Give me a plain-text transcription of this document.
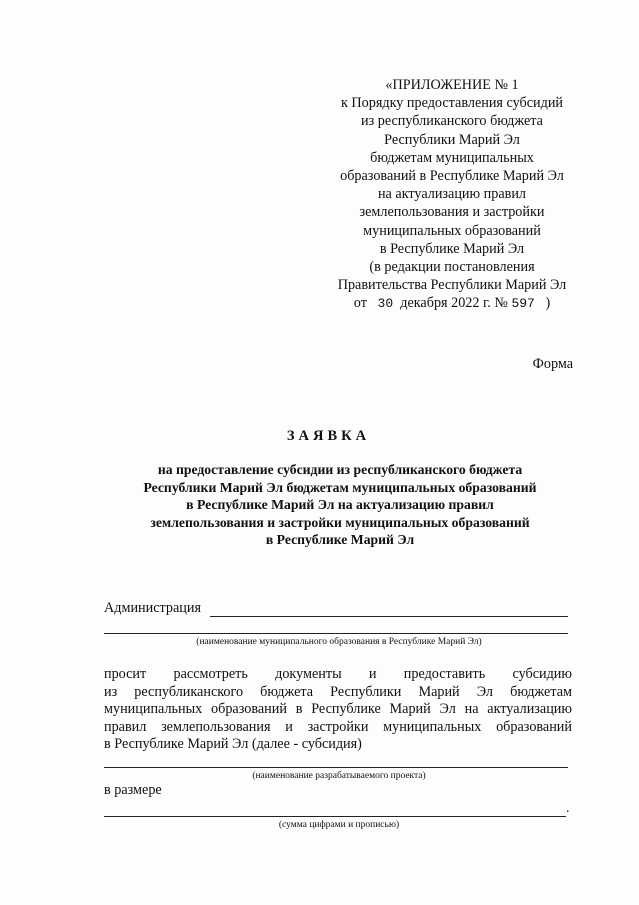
«ПРИЛОЖЕНИЕ № 1
к Порядку предоставления субсидий
из республиканского бюджета
Республики Марий Эл
бюджетам муниципальных
образований в Республике Марий Эл
на актуализацию правил
землепользования и застройки
муниципальных образований
в Республике Марий Эл
(в редакции постановления
Правительства Республики Марий Эл
от 30 декабря 2022 г. № 597 )
Форма
ЗАЯВКА
на предоставление субсидии из республиканского бюджета
Республики Марий Эл бюджетам муниципальных образований
в Республике Марий Эл на актуализацию правил
землепользования и застройки муниципальных образований
в Республике Марий Эл
Администрация
(наименование муниципального образования в Республике Марий Эл)
просит рассмотреть документы и предоставить субсидию
из республиканского бюджета Республики Марий Эл бюджетам
муниципальных образований в Республике Марий Эл на актуализацию
правил землепользования и застройки муниципальных образований
в Республике Марий Эл (далее - субсидия)
(наименование разрабатываемого проекта)
в размере
.
(сумма цифрами и прописью)
